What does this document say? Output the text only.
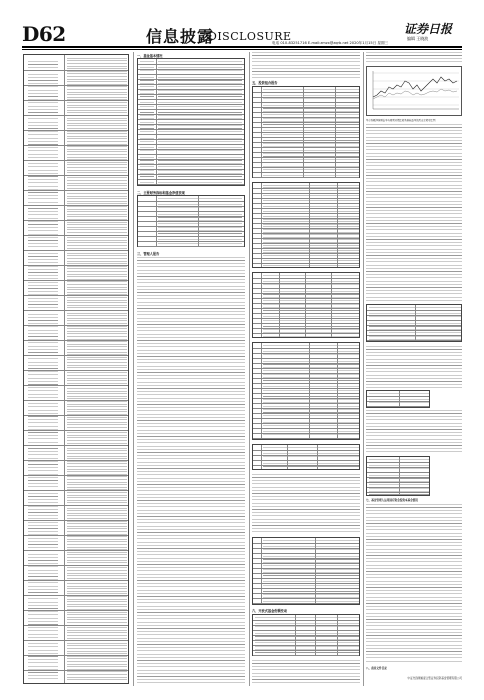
D62	信息披露
DISCLOSURE
证券日报
编辑 王晓波
电话 010-83251716 E-mail:zmzx@zqrb.net 2020年1月15日 星期三
一、基金基本情况
二、主要财务指标和基金净值表现
三、管理人报告
五、投资组合报告
六、开放式基金份额变动
基金份额净值增长率与同期业绩比较基准收益率的历史走势对比图
七、基金管理人运用固有资金投资本基金情况
八、备查文件目录
中证先锋策略混合型证券投资基金管理有限公司
